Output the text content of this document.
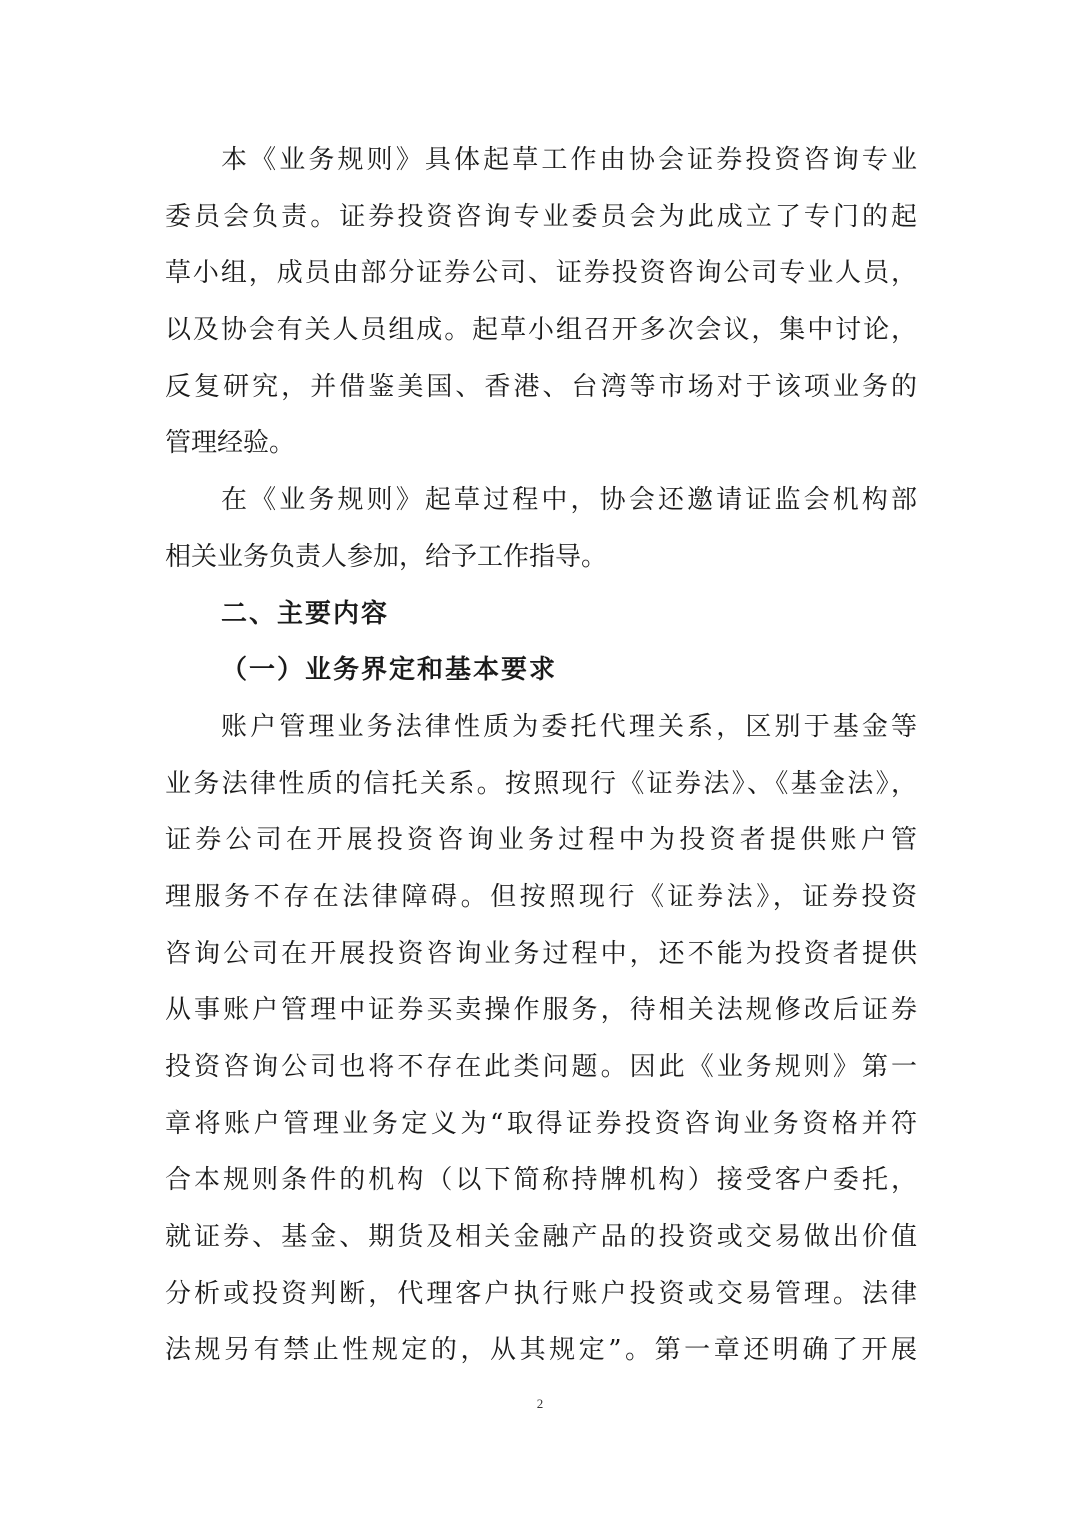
本《业务规则》具体起草工作由协会证券投资咨询专业
委员会负责。证券投资咨询专业委员会为此成立了专门的起
草小组，成员由部分证券公司、证券投资咨询公司专业人员，
以及协会有关人员组成。起草小组召开多次会议，集中讨论，
反复研究，并借鉴美国、香港、台湾等市场对于该项业务的
管理经验。
在《业务规则》起草过程中，协会还邀请证监会机构部
相关业务负责人参加，给予工作指导。
二、主要内容
（一）业务界定和基本要求
账户管理业务法律性质为委托代理关系，区别于基金等
业务法律性质的信托关系。按照现行《证券法》、《基金法》，
证券公司在开展投资咨询业务过程中为投资者提供账户管
理服务不存在法律障碍。但按照现行《证券法》，证券投资
咨询公司在开展投资咨询业务过程中，还不能为投资者提供
从事账户管理中证券买卖操作服务，待相关法规修改后证券
投资咨询公司也将不存在此类问题。因此《业务规则》第一
章将账户管理业务定义为“取得证券投资咨询业务资格并符
合本规则条件的机构（以下简称持牌机构）接受客户委托，
就证券、基金、期货及相关金融产品的投资或交易做出价值
分析或投资判断，代理客户执行账户投资或交易管理。法律
法规另有禁止性规定的，从其规定”。第一章还明确了开展
2
